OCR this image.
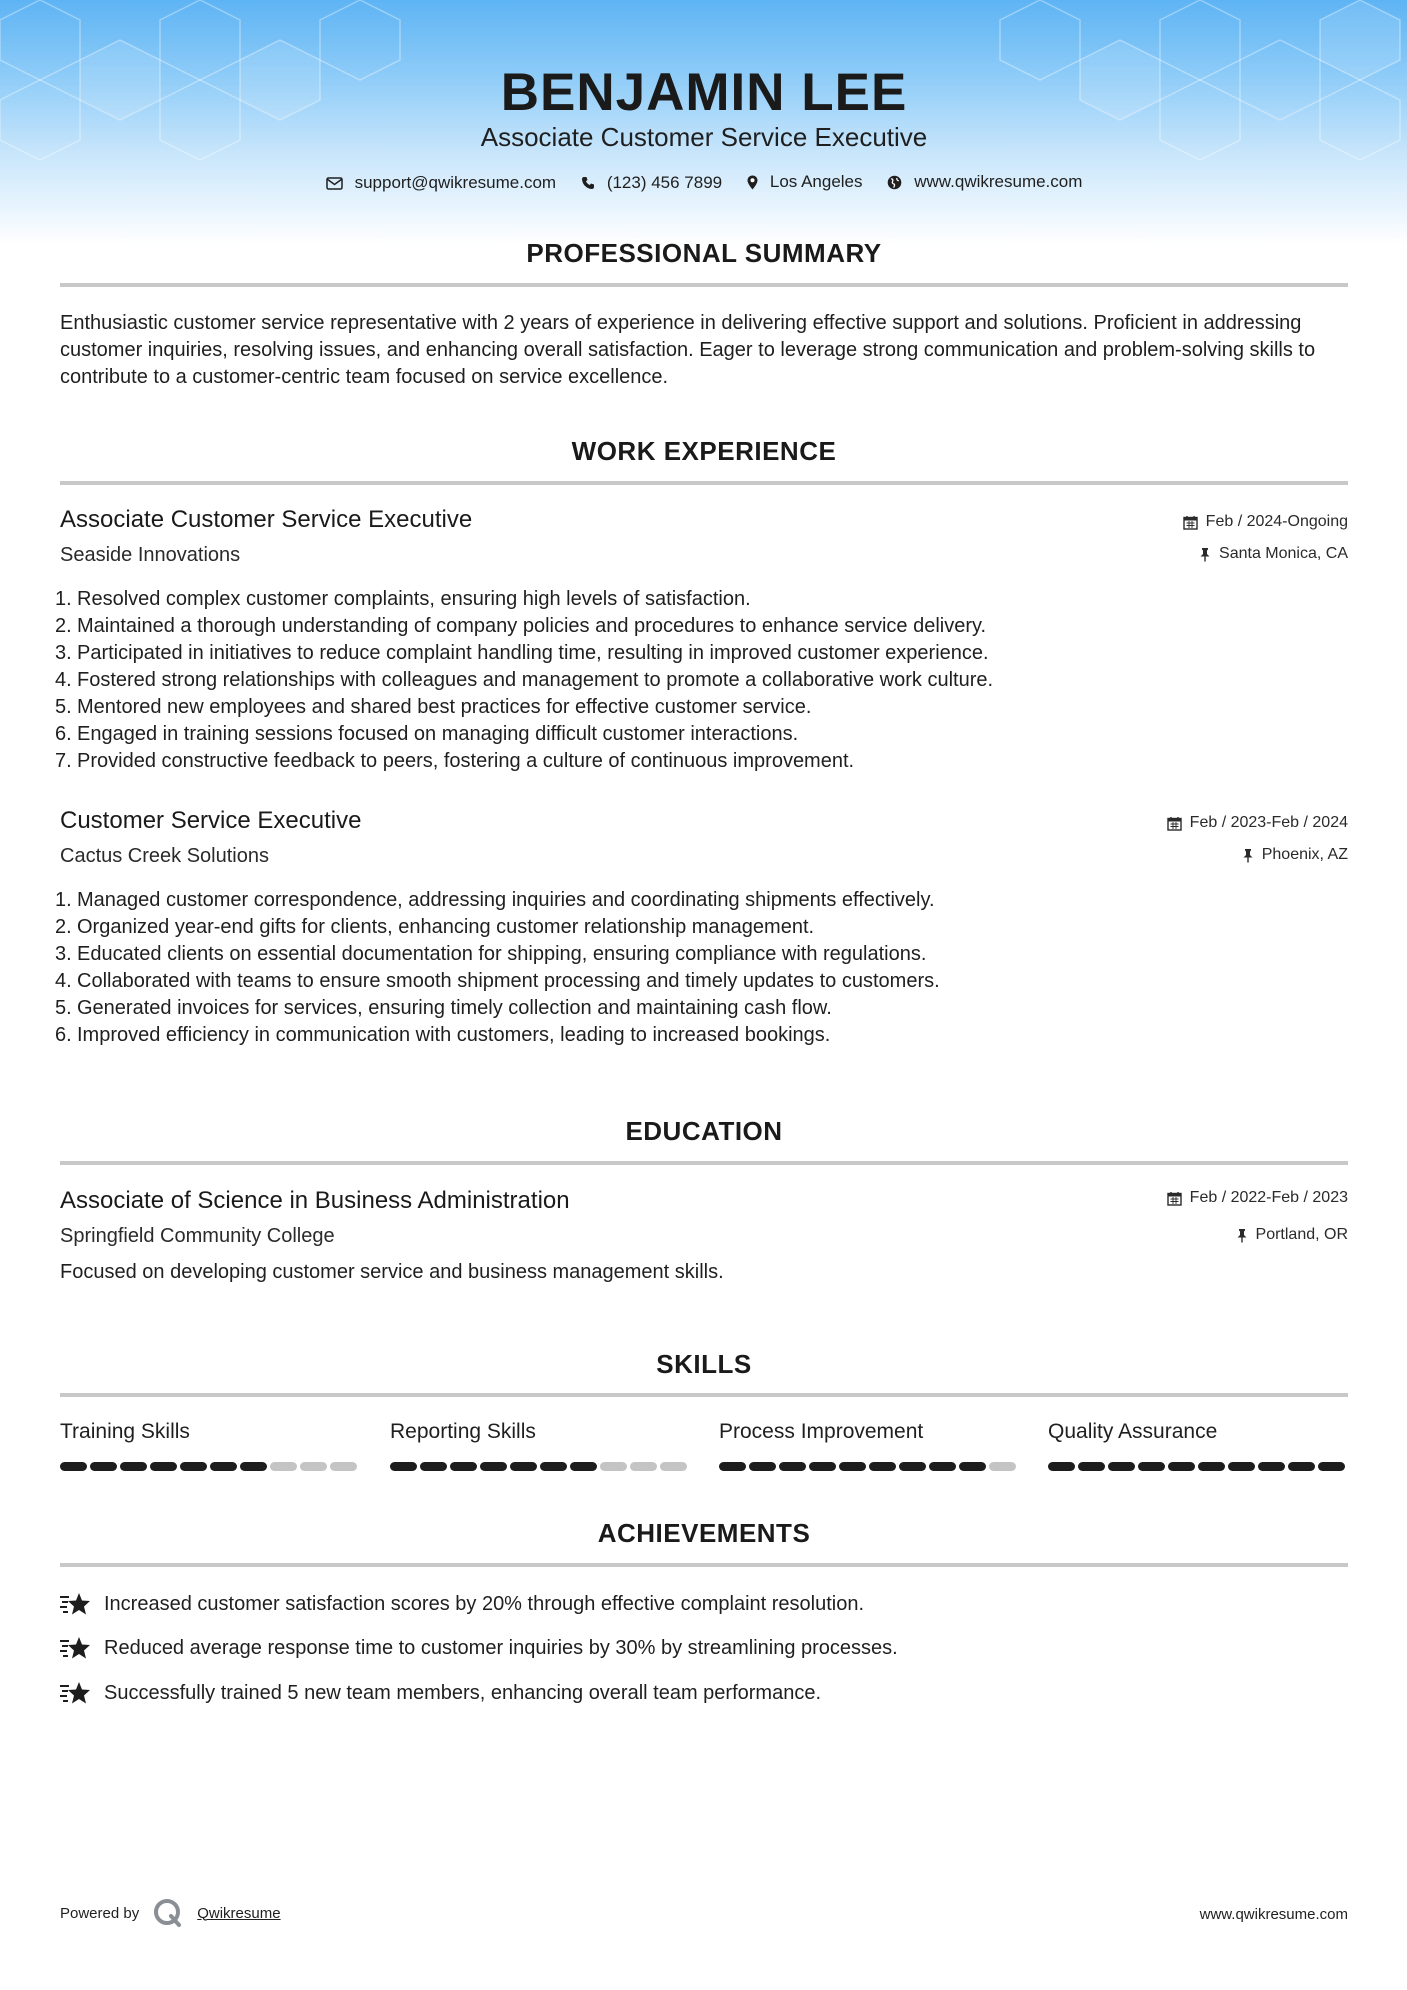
BENJAMIN LEE
Associate Customer Service Executive
support@qwikresume.com
	(123) 456 7899
	Los Angeles
	www.qwikresume.com
PROFESSIONAL SUMMARY

Enthusiastic customer service representative with 2 years of experience in delivering effective support and solutions. Proficient in addressing customer inquiries, resolving issues, and enhancing overall satisfaction. Eager to leverage strong communication and problem-solving skills to contribute to a customer-centric team focused on service excellence.

WORK EXPERIENCE
Associate Customer Service Executive
Seaside Innovations
Feb / 2024-Ongoing
Santa Monica, CA
1. Resolved complex customer complaints, ensuring high levels of satisfaction.
2. Maintained a thorough understanding of company policies and procedures to enhance service delivery.
3. Participated in initiatives to reduce complaint handling time, resulting in improved customer experience.
4. Fostered strong relationships with colleagues and management to promote a collaborative work culture.
5. Mentored new employees and shared best practices for effective customer service.
6. Engaged in training sessions focused on managing difficult customer interactions.
7. Provided constructive feedback to peers, fostering a culture of continuous improvement.
Customer Service Executive
Cactus Creek Solutions
Feb / 2023-Feb / 2024
Phoenix, AZ
1. Managed customer correspondence, addressing inquiries and coordinating shipments effectively.
2. Organized year-end gifts for clients, enhancing customer relationship management.
3. Educated clients on essential documentation for shipping, ensuring compliance with regulations.
4. Collaborated with teams to ensure smooth shipment processing and timely updates to customers.
5. Generated invoices for services, ensuring timely collection and maintaining cash flow.
6. Improved efficiency in communication with customers, leading to increased bookings.
EDUCATION
Associate of Science in Business Administration
Springfield Community College
Feb / 2022-Feb / 2023
Portland, OR
Focused on developing customer service and business management skills.
SKILLS
Training Skills	Reporting Skills	Process Improvement	Quality Assurance
ACHIEVEMENTS
Increased customer satisfaction scores by 20% through effective complaint resolution.
Reduced average response time to customer inquiries by 30% by streamlining processes.
Successfully trained 5 new team members, enhancing overall team performance.
Powered by	Qwikresume	www.qwikresume.com
